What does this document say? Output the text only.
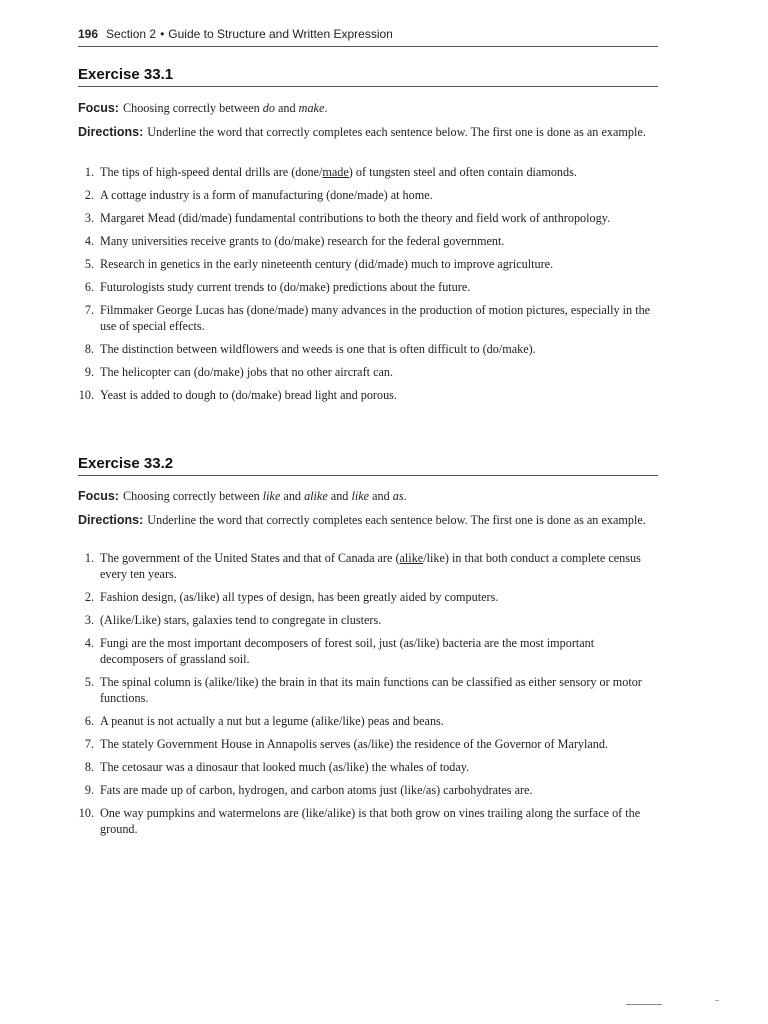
196 Section 2 • Guide to Structure and Written Expression
Exercise 33.1
Focus: Choosing correctly between do and make.
Directions: Underline the word that correctly completes each sentence below. The first one is done as an example.
1. The tips of high-speed dental drills are (done/made) of tungsten steel and often contain diamonds.
2. A cottage industry is a form of manufacturing (done/made) at home.
3. Margaret Mead (did/made) fundamental contributions to both the theory and field work of anthropology.
4. Many universities receive grants to (do/make) research for the federal government.
5. Research in genetics in the early nineteenth century (did/made) much to improve agriculture.
6. Futurologists study current trends to (do/make) predictions about the future.
7. Filmmaker George Lucas has (done/made) many advances in the production of motion pictures, especially in the use of special effects.
8. The distinction between wildflowers and weeds is one that is often difficult to (do/make).
9. The helicopter can (do/make) jobs that no other aircraft can.
10. Yeast is added to dough to (do/make) bread light and porous.
Exercise 33.2
Focus: Choosing correctly between like and alike and like and as.
Directions: Underline the word that correctly completes each sentence below. The first one is done as an example.
1. The government of the United States and that of Canada are (alike/like) in that both conduct a complete census every ten years.
2. Fashion design, (as/like) all types of design, has been greatly aided by computers.
3. (Alike/Like) stars, galaxies tend to congregate in clusters.
4. Fungi are the most important decomposers of forest soil, just (as/like) bacteria are the most important decomposers of grassland soil.
5. The spinal column is (alike/like) the brain in that its main functions can be classified as either sensory or motor functions.
6. A peanut is not actually a nut but a legume (alike/like) peas and beans.
7. The stately Government House in Annapolis serves (as/like) the residence of the Governor of Maryland.
8. The cetosaur was a dinosaur that looked much (as/like) the whales of today.
9. Fats are made up of carbon, hydrogen, and carbon atoms just (like/as) carbohydrates are.
10. One way pumpkins and watermelons are (like/alike) is that both grow on vines trailing along the surface of the ground.
